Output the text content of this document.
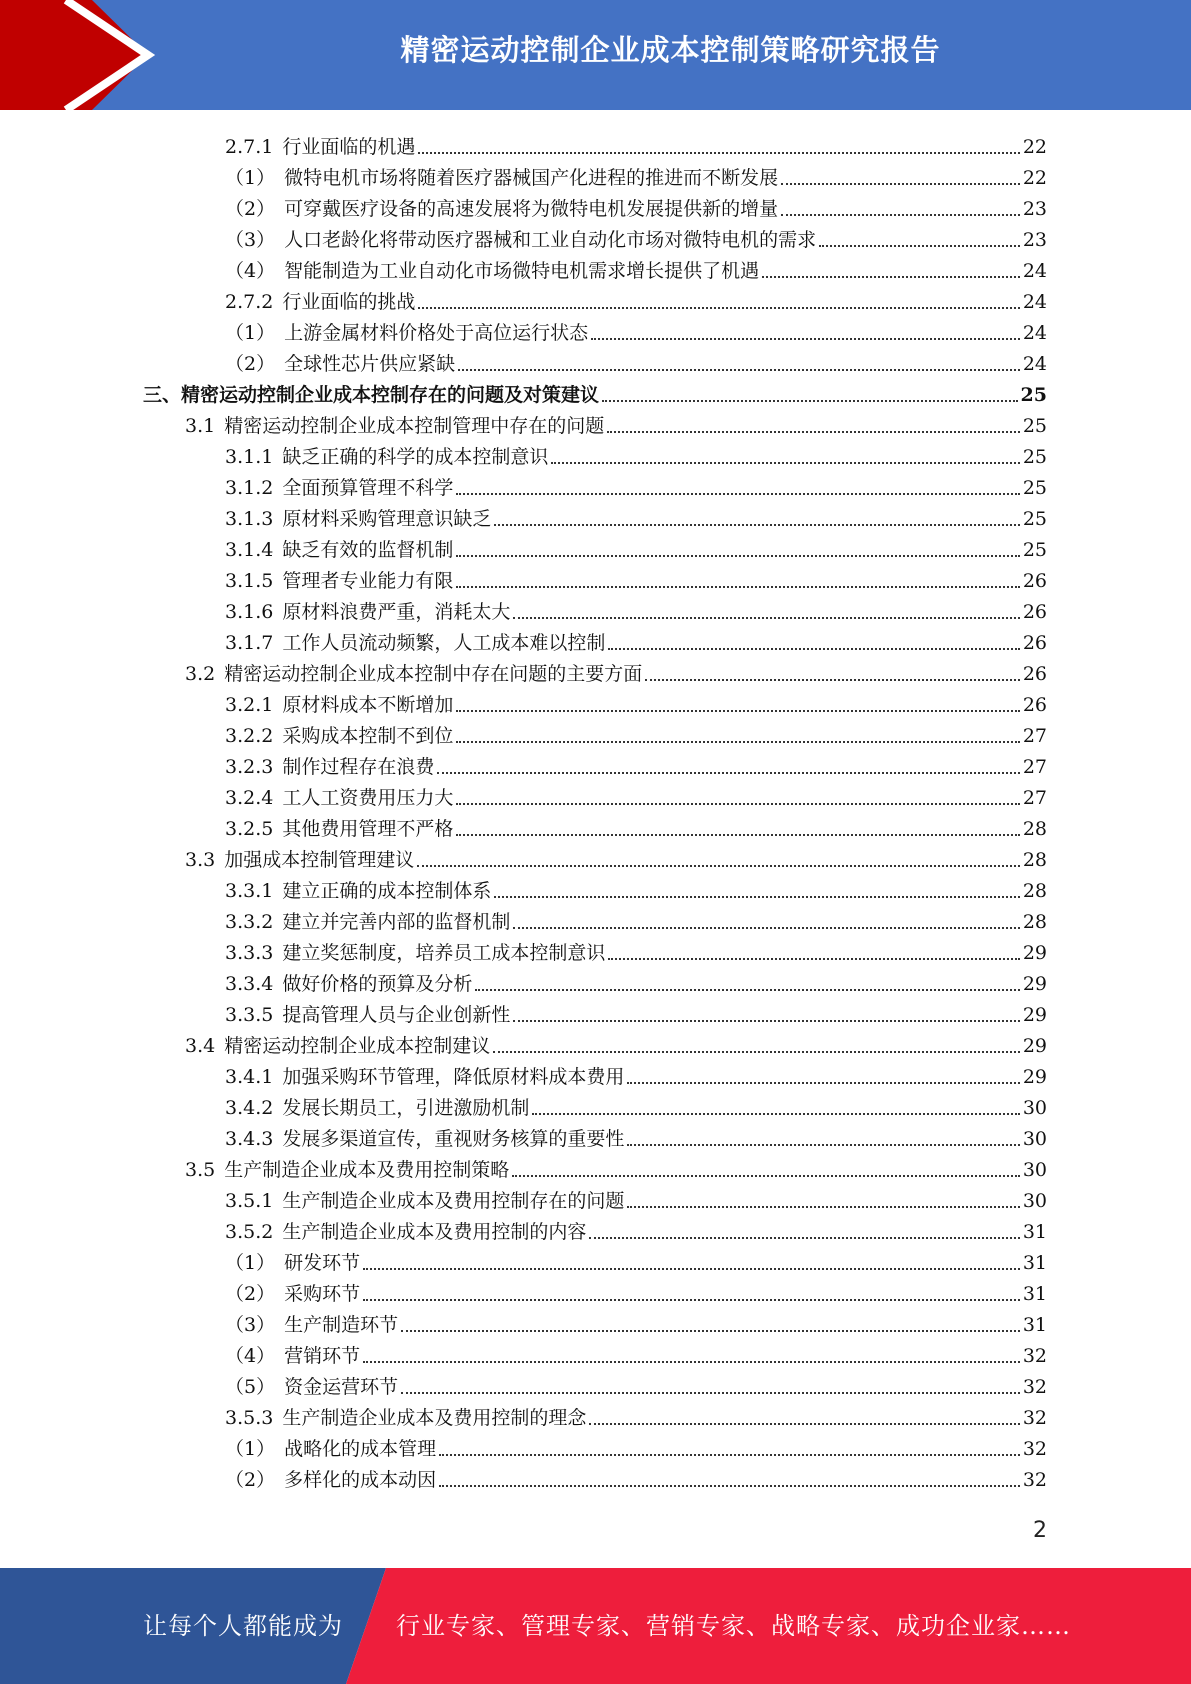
精密运动控制企业成本控制策略研究报告
2.7.1 行业面临的机遇	22
（1） 微特电机市场将随着医疗器械国产化进程的推进而不断发展	22
（2） 可穿戴医疗设备的高速发展将为微特电机发展提供新的增量	23
（3） 人口老龄化将带动医疗器械和工业自动化市场对微特电机的需求	23
（4） 智能制造为工业自动化市场微特电机需求增长提供了机遇	24
2.7.2 行业面临的挑战	24
（1） 上游金属材料价格处于高位运行状态	24
（2） 全球性芯片供应紧缺	24
三、精密运动控制企业成本控制存在的问题及对策建议	25
3.1 精密运动控制企业成本控制管理中存在的问题	25
3.1.1 缺乏正确的科学的成本控制意识	25
3.1.2 全面预算管理不科学	25
3.1.3 原材料采购管理意识缺乏	25
3.1.4 缺乏有效的监督机制	25
3.1.5 管理者专业能力有限	26
3.1.6 原材料浪费严重，消耗太大	26
3.1.7 工作人员流动频繁，人工成本难以控制	26
3.2 精密运动控制企业成本控制中存在问题的主要方面	26
3.2.1 原材料成本不断增加	26
3.2.2 采购成本控制不到位	27
3.2.3 制作过程存在浪费	27
3.2.4 工人工资费用压力大	27
3.2.5 其他费用管理不严格	28
3.3 加强成本控制管理建议	28
3.3.1 建立正确的成本控制体系	28
3.3.2 建立并完善内部的监督机制	28
3.3.3 建立奖惩制度，培养员工成本控制意识	29
3.3.4 做好价格的预算及分析	29
3.3.5 提高管理人员与企业创新性	29
3.4 精密运动控制企业成本控制建议	29
3.4.1 加强采购环节管理，降低原材料成本费用	29
3.4.2 发展长期员工，引进激励机制	30
3.4.3 发展多渠道宣传，重视财务核算的重要性	30
3.5 生产制造企业成本及费用控制策略	30
3.5.1 生产制造企业成本及费用控制存在的问题	30
3.5.2 生产制造企业成本及费用控制的内容	31
（1） 研发环节	31
（2） 采购环节	31
（3） 生产制造环节	31
（4） 营销环节	32
（5） 资金运营环节	32
3.5.3 生产制造企业成本及费用控制的理念	32
（1） 战略化的成本管理	32
（2） 多样化的成本动因	32
2
让每个人都能成为 行业专家、管理专家、营销专家、战略专家、成功企业家……
